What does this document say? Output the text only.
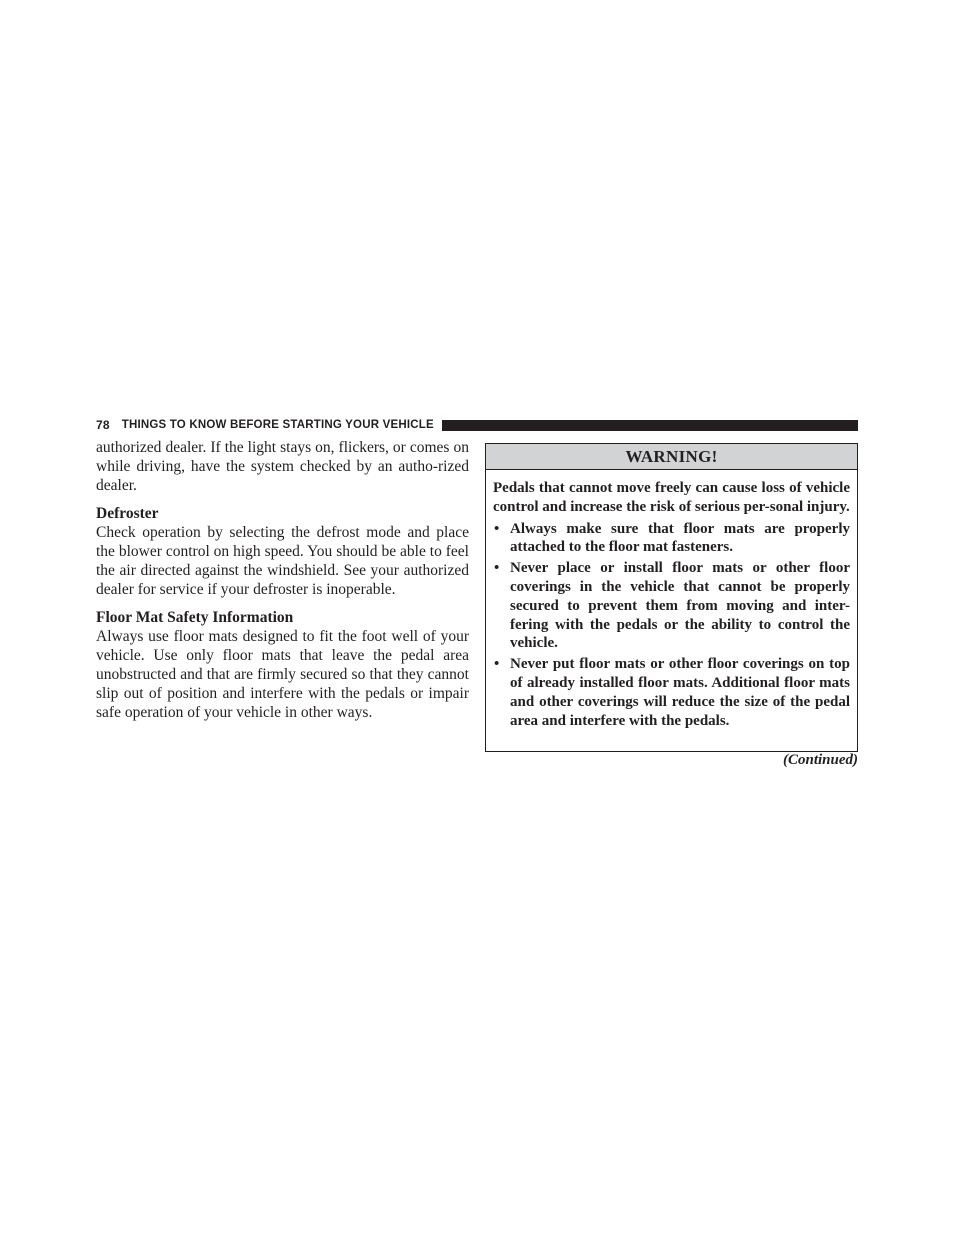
78 THINGS TO KNOW BEFORE STARTING YOUR VEHICLE

authorized dealer. If the light stays on, flickers, or comes on while driving, have the system checked by an autho-rized dealer.

Defroster

Check operation by selecting the defrost mode and place the blower control on high speed. You should be able to feel the air directed against the windshield. See your authorized dealer for service if your defroster is inoperable.

Floor Mat Safety Information

Always use floor mats designed to fit the foot well of your vehicle. Use only floor mats that leave the pedal area unobstructed and that are firmly secured so that they cannot slip out of position and interfere with the pedals or impair safe operation of your vehicle in other ways.

WARNING!

Pedals that cannot move freely can cause loss of vehicle control and increase the risk of serious per-sonal injury.

• Always make sure that floor mats are properly attached to the floor mat fasteners.
• Never place or install floor mats or other floor coverings in the vehicle that cannot be properly secured to prevent them from moving and inter-fering with the pedals or the ability to control the vehicle.
• Never put floor mats or other floor coverings on top of already installed floor mats. Additional floor mats and other coverings will reduce the size of the pedal area and interfere with the pedals.
(Continued)
